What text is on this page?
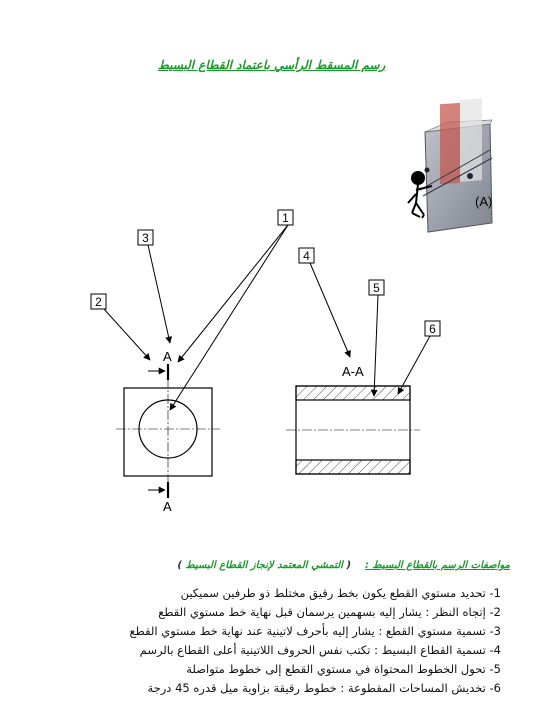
رسم المسقط الرأسي باعتماد القطاع البسيط
(A)
1
2
3
4
5
6
A
A
A-A
مواصفات الرسم بالقطاع البسيط :    ( التمشي المعتمد لإنجاز القطاع البسيط )
1- تحديد مستوي القطع يكون بخط رقيق مختلط ذو طرفين سميكين
2- إتجاه النظر : يشار إليه بسهمين يرسمان قبل نهاية خط مستوي القطع
3- تسمية مستوي القطع : يشار إليه بأحرف لاتينية عند نهاية خط مستوي القطع
4- تسمية القطاع البسيط : تكتب نفس الحروف اللاتينية أعلى القطاع بالرسم
5- تحول الخطوط المحتواة في مستوي القطع إلى خطوط متواصلة
6- تخديش المساحات المقطوعة : خطوط رقيقة بزاوية ميل قدره 45 درجة
